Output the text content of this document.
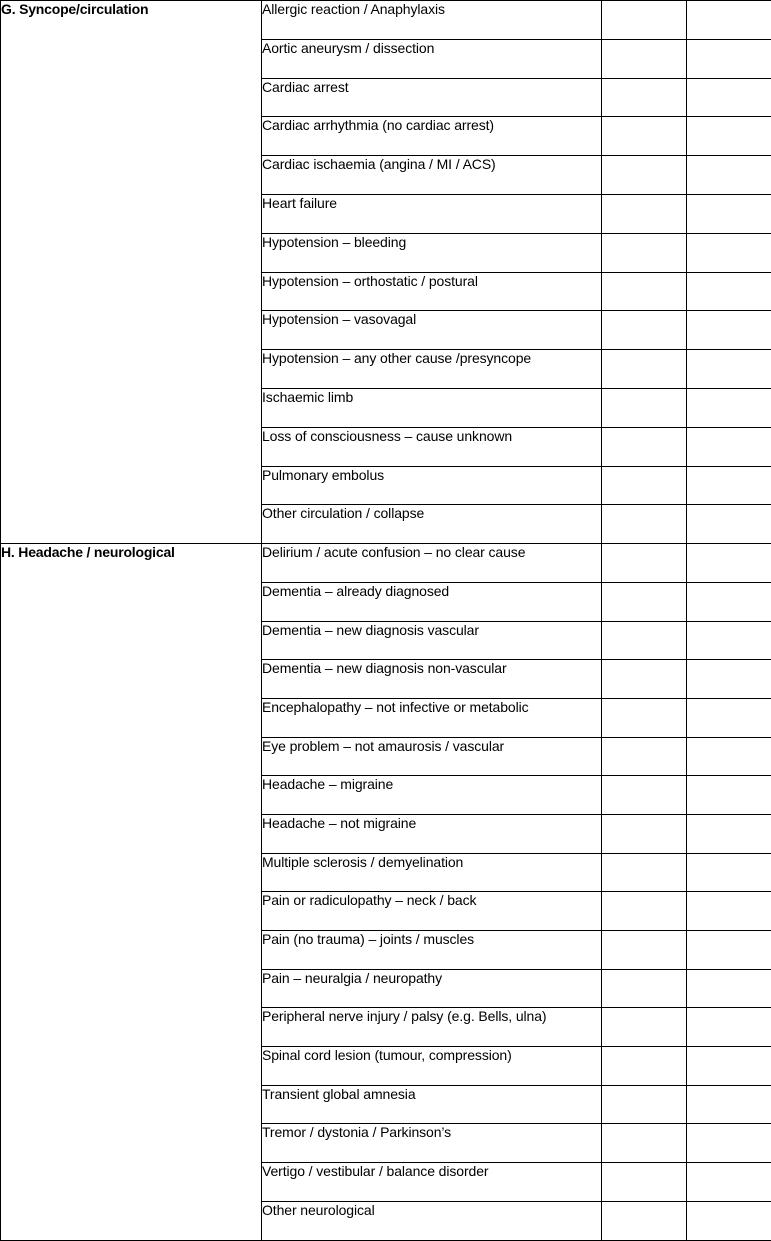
G. Syncope/circulation	Allergic reaction / Anaphylaxis		
	Aortic aneurysm / dissection		
	Cardiac arrest		
	Cardiac arrhythmia (no cardiac arrest)		
	Cardiac ischaemia (angina / MI / ACS)		
	Heart failure		
	Hypotension – bleeding		
	Hypotension – orthostatic / postural		
	Hypotension – vasovagal		
	Hypotension – any other cause /presyncope		
	Ischaemic limb		
	Loss of consciousness – cause unknown		
	Pulmonary embolus		
	Other circulation / collapse		
H. Headache / neurological	Delirium / acute confusion – no clear cause		
	Dementia – already diagnosed		
	Dementia – new diagnosis vascular		
	Dementia – new diagnosis non-vascular		
	Encephalopathy – not infective or metabolic		
	Eye problem – not amaurosis / vascular		
	Headache – migraine		
	Headache – not migraine		
	Multiple sclerosis / demyelination		
	Pain or radiculopathy – neck / back		
	Pain (no trauma) – joints / muscles		
	Pain – neuralgia / neuropathy		
	Peripheral nerve injury / palsy (e.g. Bells, ulna)		
	Spinal cord lesion (tumour, compression)		
	Transient global amnesia		
	Tremor / dystonia / Parkinson’s		
	Vertigo / vestibular / balance disorder		
	Other neurological		
